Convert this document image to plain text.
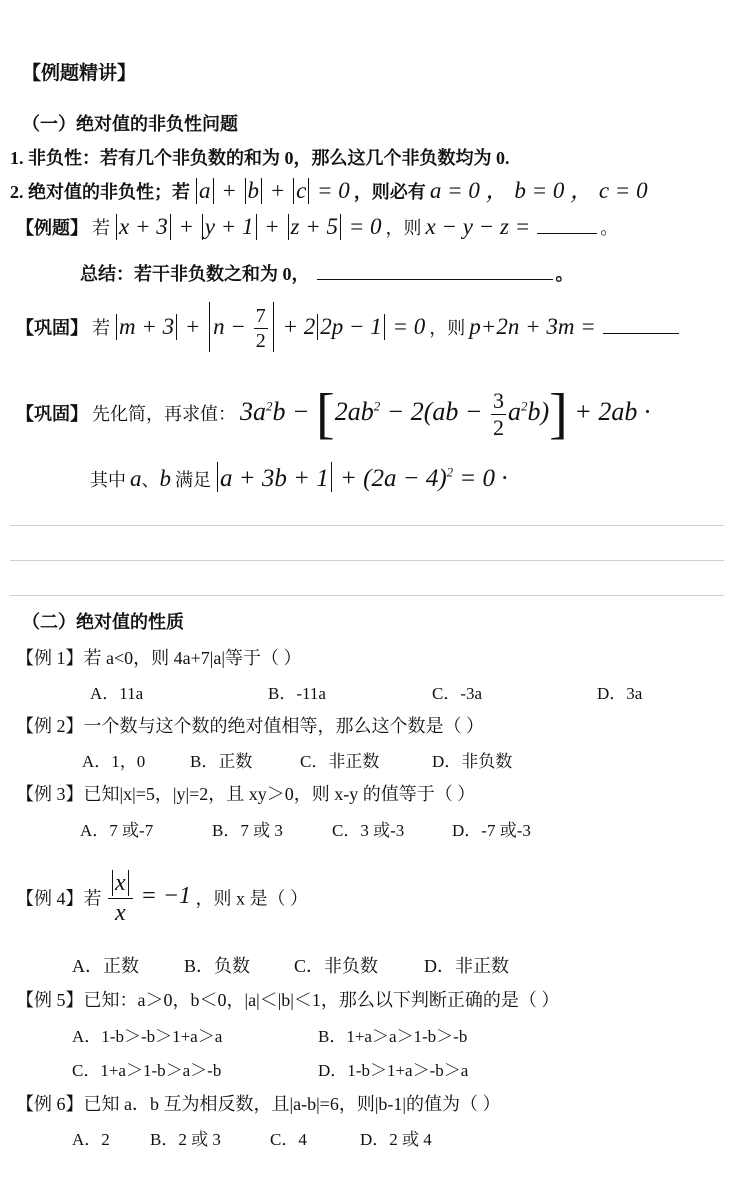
【例题精讲】
（一）绝对值的非负性问题
1. 非负性：若有几个非负数的和为 0，那么这几个非负数均为 0.
2. 绝对值的非负性；若 a + b + c = 0 ，则必有 a = 0 ， b = 0 ， c = 0
【例题】 若 x + 3 + y + 1 + z + 5 = 0 ，则 x − y − z =	。
总结：若干非负数之和为 0，	。
【巩固】 若 $m + 3 + n - \frac{7}{2} + 2$ 2p − 1 = 0 ，则 p+2n + 3m =
【巩固】 先化简，再求值： $3a^2b - [2ab^2 - 2(ab - \frac{3}{2} a^2b)] + 2ab$ ·
其中 a、b 满足 $a + 3b + 1 + (2a - 4)^2 = 0$ ·
（二）绝对值的性质
【例 1】若 a<0，则 4a+7|a|等于（ ）
A．11a	B．-11a	C．-3a	D．3a
【例 2】一个数与这个数的绝对值相等，那么这个数是（ ）
A．1，0	B．正数	C．非正数	D．非负数
【例 3】已知|x|=5，|y|=2，且 xy＞0，则 x-y 的值等于（ ）
A．7 或-7	B．7 或 3	C．3 或-3	D．-7 或-3
【例 4】若 $\frac{x}{x} = -1$ ，则 x 是（ ）
A．正数	B．负数 C．非负数	D．非正数
【例 5】已知：a＞0，b＜0，|a|＜|b|＜1，那么以下判断正确的是（ ）
A．1-b＞-b＞1+a＞a	B．1+a＞a＞1-b＞-b
C．1+a＞1-b＞a＞-b	D．1-b＞1+a＞-b＞a
【例 6】已知 a．b 互为相反数，且|a-b|=6，则|b-1|的值为（ ）
A．2 B．2 或 3	C．4	D．2 或 4
